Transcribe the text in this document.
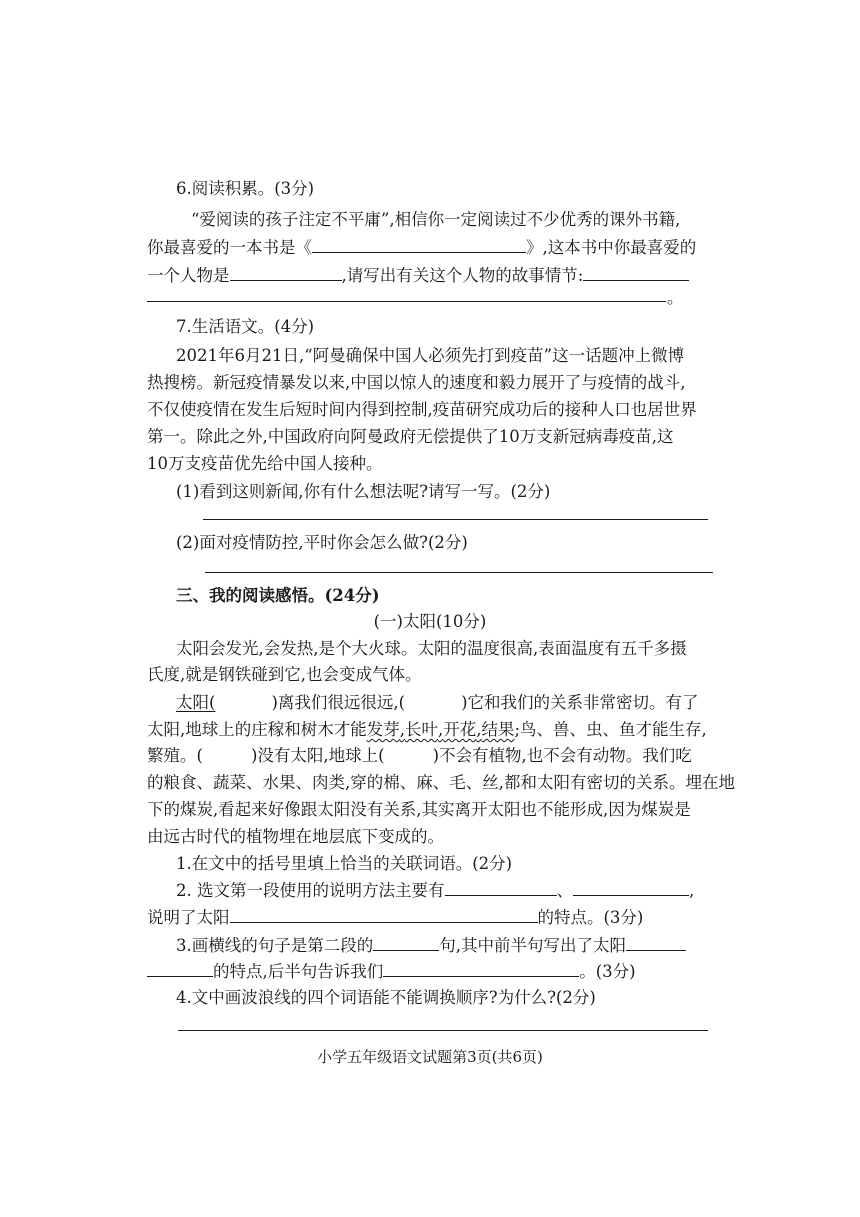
6.阅读积累。(3分)
“爱阅读的孩子注定不平庸”,相信你一定阅读过不少优秀的课外书籍,
你最喜爱的一本书是《	》,这本书中你最喜爱的
一个人物是	,请写出有关这个人物的故事情节:
。
7.生活语文。(4分)
2021年6月21日,“阿曼确保中国人必须先打到疫苗”这一话题冲上微博
热搜榜。新冠疫情暴发以来,中国以惊人的速度和毅力展开了与疫情的战斗,
不仅使疫情在发生后短时间内得到控制,疫苗研究成功后的接种人口也居世界
第一。除此之外,中国政府向阿曼政府无偿提供了10万支新冠病毒疫苗,这
10万支疫苗优先给中国人接种。
(1)看到这则新闻,你有什么想法呢?请写一写。(2分)
(2)面对疫情防控,平时你会怎么做?(2分)
三、我的阅读感悟。(24分)
(一)太阳(10分)
太阳会发光,会发热,是个大火球。太阳的温度很高,表面温度有五千多摄
氏度,就是钢铁碰到它,也会变成气体。
太阳(	)离我们很远很远,(	)它和我们的关系非常密切。有了
太阳,地球上的庄稼和树木才能发芽,长叶,开花,结果;鸟、兽、虫、鱼才能生存,
繁殖。(	)没有太阳,地球上(	)不会有植物,也不会有动物。我们吃
的粮食、蔬菜、水果、肉类,穿的棉、麻、毛、丝,都和太阳有密切的关系。埋在地
下的煤炭,看起来好像跟太阳没有关系,其实离开太阳也不能形成,因为煤炭是
由远古时代的植物埋在地层底下变成的。
1.在文中的括号里填上恰当的关联词语。(2分)
2. 选文第一段使用的说明方法主要有	、	,
说明了太阳	的特点。(3分)
3.画横线的句子是第二段的	句,其中前半句写出了太阳
的特点,后半句告诉我们	。(3分)
4.文中画波浪线的四个词语能不能调换顺序?为什么?(2分)
小学五年级语文试题第3页(共6页)
